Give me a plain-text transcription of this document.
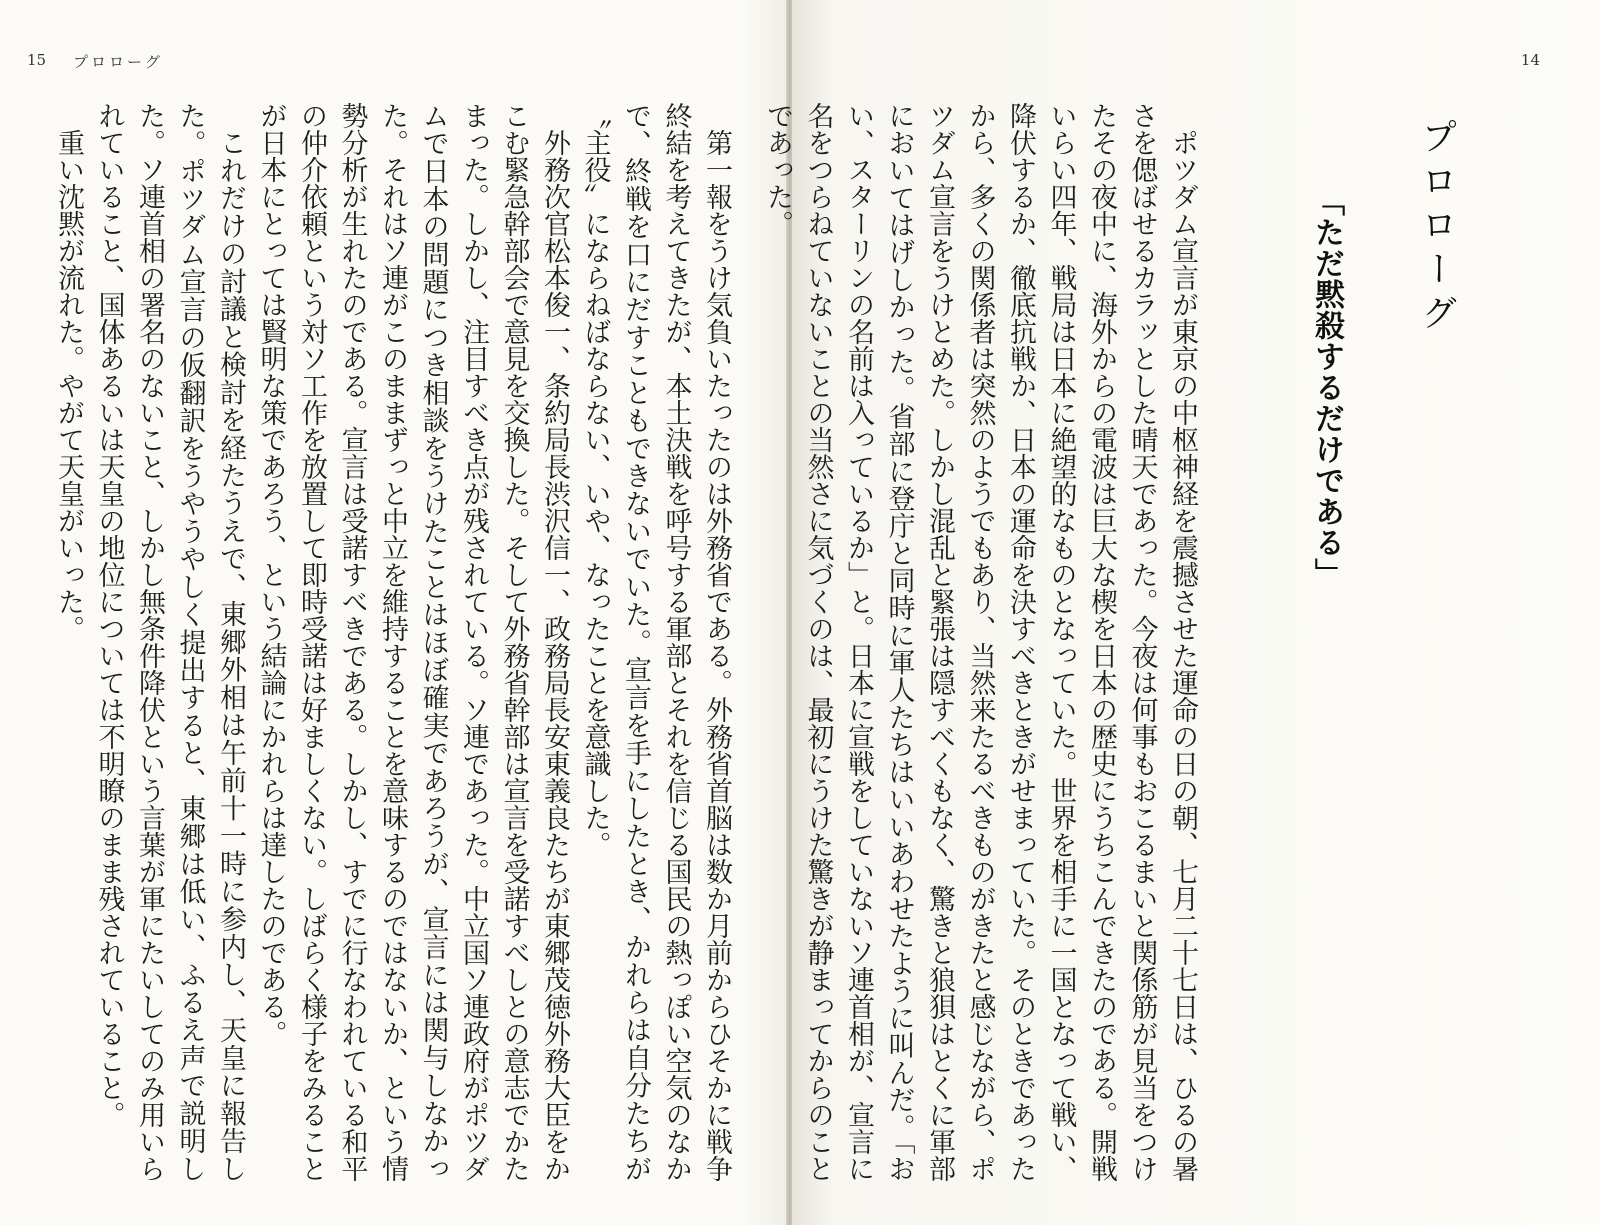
15 プロローグ

第一報をうけ気負いたったのは外務省である。外務省首脳は数か月前からひそかに戦争終結を考えてきたが、本土決戦を呼号する軍部とそれを信じる国民の熱っぽい空気のなかで、終戦を口にだすこともできないでいた。宣言を手にしたとき、かれらは自分たちが〝主役〟にならねばならない、いや、なったことを意識した。

外務次官松本俊一、条約局長渋沢信一、政務局長安東義良たちが東郷茂徳外務大臣をかこむ緊急幹部会で意見を交換した。そして外務省幹部は宣言を受諾すべしとの意志でかたまった。しかし、注目すべき点が残されている。ソ連であった。中立国ソ連政府がポツダムで日本の問題につき相談をうけたことはほぼ確実であろうが、宣言には関与しなかった。それはソ連がこのままずっと中立を維持することを意味するのではないか、という情勢分析が生れたのである。宣言は受諾すべきである。しかし、すでに行なわれている和平の仲介依頼という対ソ工作を放置して即時受諾は好ましくない。しばらく様子をみることが日本にとっては賢明な策であろう、という結論にかれらは達したのである。

これだけの討議と検討を経たうえで、東郷外相は午前十一時に参内し、天皇に報告した。ポツダム宣言の仮翻訳をうやうやしく提出すると、東郷は低い、ふるえ声で説明した。ソ連首相の署名のないこと、しかし無条件降伏という言葉が軍にたいしてのみ用いられていること、国体あるいは天皇の地位については不明瞭のまま残されていること。

重い沈黙が流れた。やがて天皇がいった。

14
プロローグ
「ただ黙殺するだけである」

ポツダム宣言が東京の中枢神経を震撼させた運命の日の朝、七月二十七日は、ひるの暑さを偲ばせるカラッとした晴天であった。今夜は何事もおこるまいと関係筋が見当をつけたその夜中に、海外からの電波は巨大な楔を日本の歴史にうちこんできたのである。開戦いらい四年、戦局は日本に絶望的なものとなっていた。世界を相手に一国となって戦い、降伏するか、徹底抗戦か、日本の運命を決すべきときがせまっていた。そのときであったから、多くの関係者は突然のようでもあり、当然来たるべきものがきたと感じながら、ポツダム宣言をうけとめた。しかし混乱と緊張は隠すべくもなく、驚きと狼狽はとくに軍部においてはげしかった。省部に登庁と同時に軍人たちはいいあわせたように叫んだ。「おい、スターリンの名前は入っているか」と。日本に宣戦をしていないソ連首相が、宣言に名をつらねていないことの当然さに気づくのは、最初にうけた驚きが静まってからのことであった。
